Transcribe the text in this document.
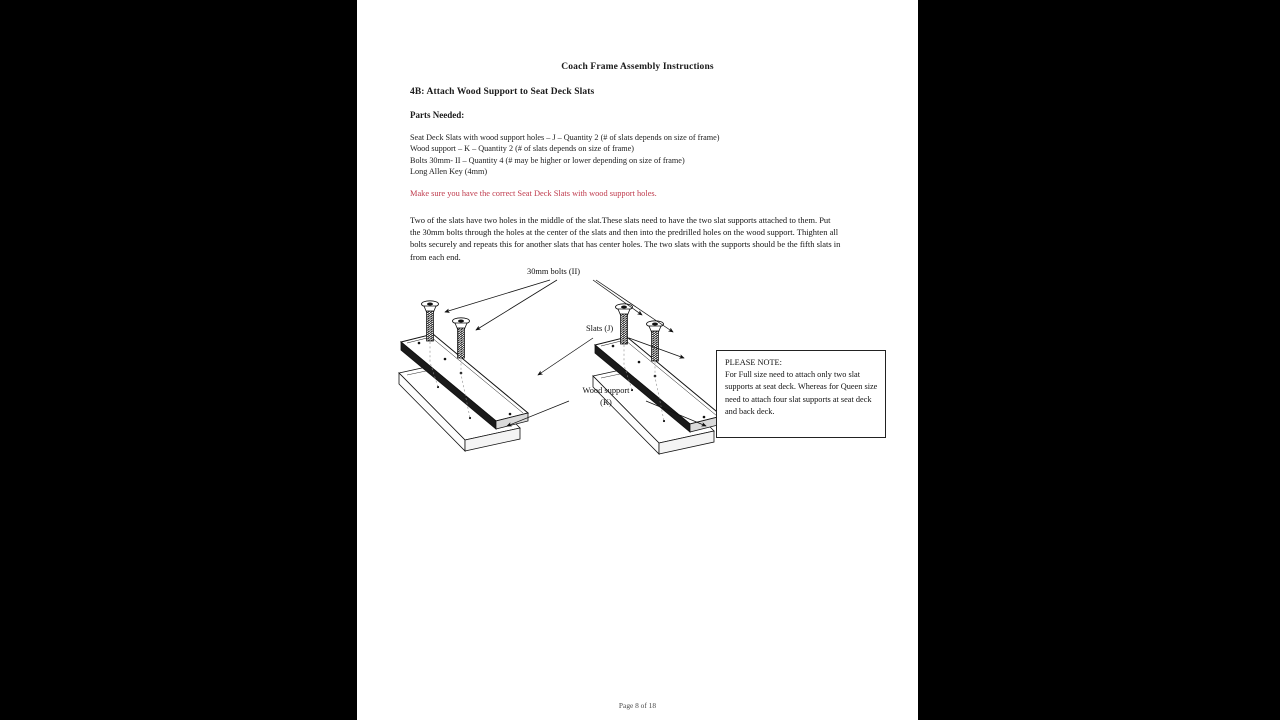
Coach Frame Assembly Instructions
4B: Attach Wood Support to Seat Deck Slats
Parts Needed:
Seat Deck Slats with wood support holes – J – Quantity 2 (# of slats depends on size of frame)
Wood support – K – Quantity 2 (# of slats depends on size of frame)
Bolts 30mm- II – Quantity 4 (# may be higher or lower depending on size of frame)
Long Allen Key (4mm)
Make sure you have the correct Seat Deck Slats with wood support holes.
Two of the slats have two holes in the middle of the slat.These slats need to have the two slat supports attached to them. Put the 30mm bolts through the holes at the center of the slats and then into the predrilled holes on the wood support. Thighten all bolts securely and repeats this for another slats that has center holes. The two slats with the supports should be the fifth slats in from each end.
30mm bolts (II)
Slats (J)
Wood support
(K)
PLEASE NOTE:
For Full size need to attach only two slat supports at seat deck. Whereas for Queen size need to attach four slat supports at seat deck and back deck.
Page 8 of 18
